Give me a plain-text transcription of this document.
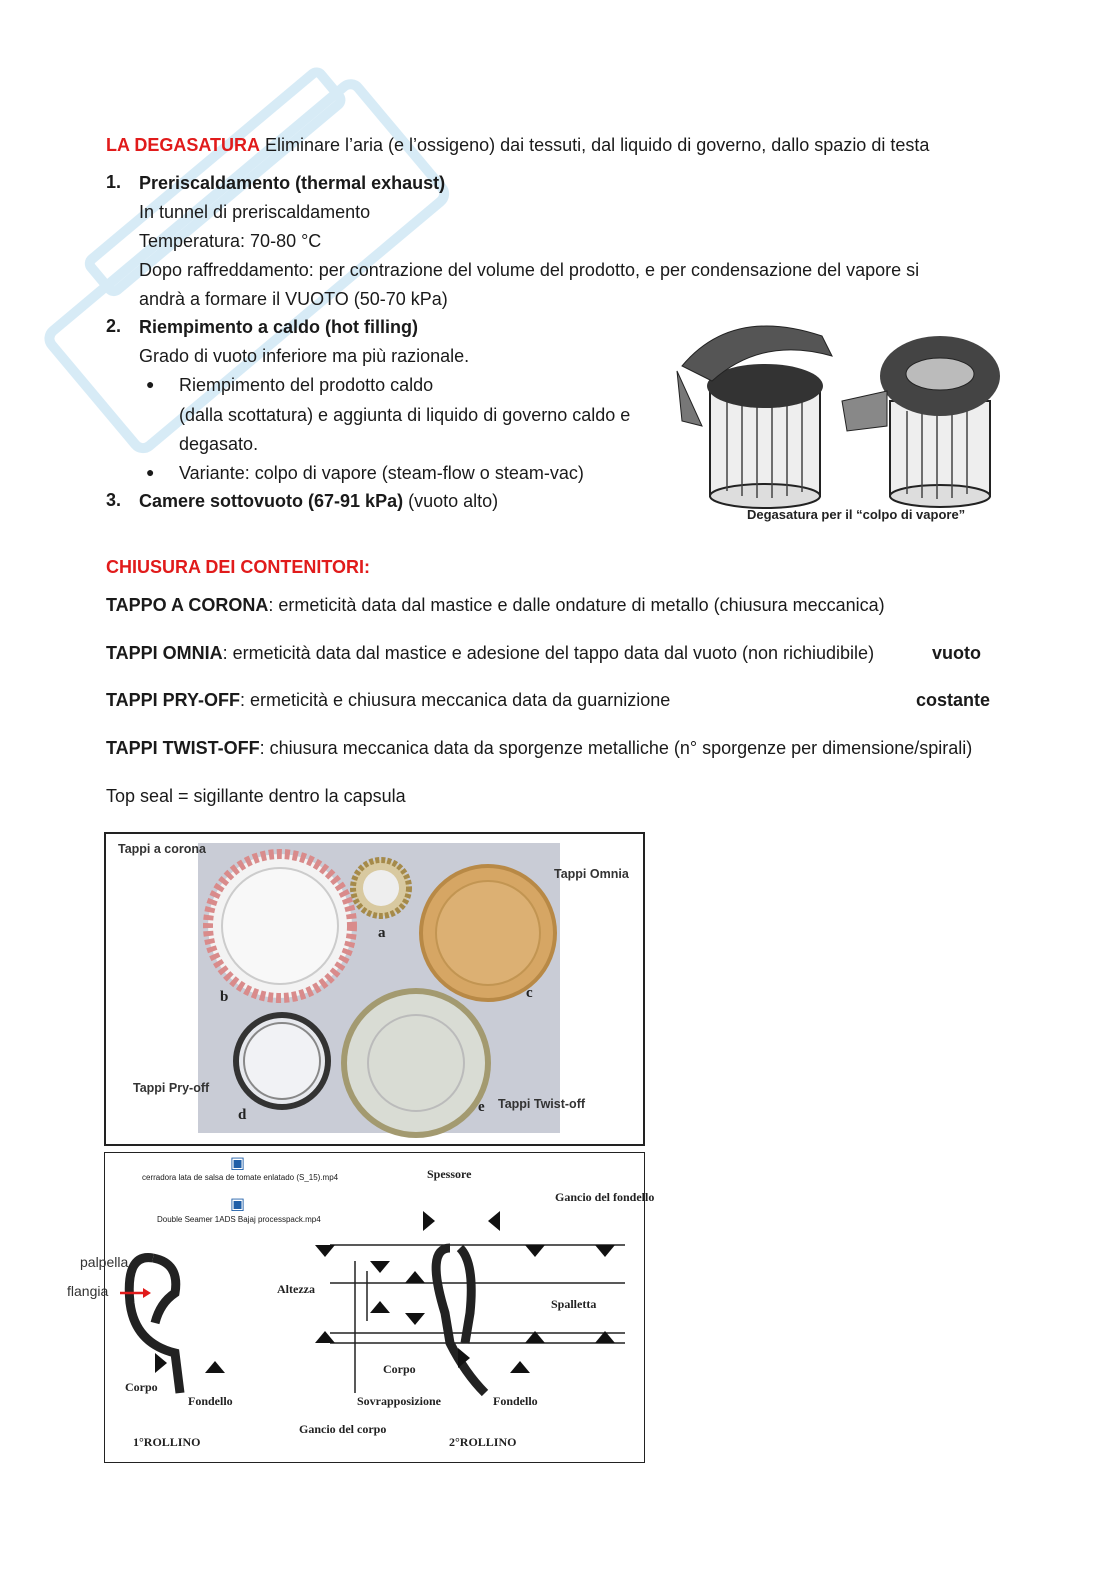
LA DEGASATURA Eliminare l’aria (e l’ossigeno) dai tessuti, dal liquido di governo, dallo spazio di testa
1. Preriscaldamento (thermal exhaust)
In tunnel di preriscaldamento
Temperatura: 70-80 °C
Dopo raffreddamento: per contrazione del volume del prodotto, e per condensazione del vapore si
andrà a formare il VUOTO (50-70 kPa)
2. Riempimento a caldo (hot filling)
Grado di vuoto inferiore ma più razionale.
● Riempimento del prodotto caldo
(dalla scottatura) e aggiunta di liquido di governo caldo e
degasato.
● Variante: colpo di vapore (steam-flow o steam-vac)
3. Camere sottovuoto (67-91 kPa) (vuoto alto)
Degasatura per il “colpo di vapore”
CHIUSURA DEI CONTENITORI:
TAPPO A CORONA: ermeticità data dal mastice e dalle ondature di metallo (chiusura meccanica)
TAPPI OMNIA: ermeticità data dal mastice e adesione del tappo data dal vuoto (non richiudibile)	vuoto
TAPPI PRY-OFF: ermeticità e chiusura meccanica data da guarnizione	costante
TAPPI TWIST-OFF: chiusura meccanica data da sporgenze metalliche (n° sporgenze per dimensione/spirali)
Top seal = sigillante dentro la capsula
a
b	c
d	e
Tappi a corona
Tappi Omnia
Tappi Pry-off
Tappi Twist-off
▣
cerradora lata de salsa de tomate enlatado (S_15).mp4
▣
Double Seamer 1ADS Bajaj processpack.mp4
Spessore
Gancio del fondello
Altezza
Spalletta
Corpo
Sovrapposizione	Fondello
Gancio del corpo
Corpo
Fondello
1°ROLLINO	2°ROLLINO
palpella
flangia
